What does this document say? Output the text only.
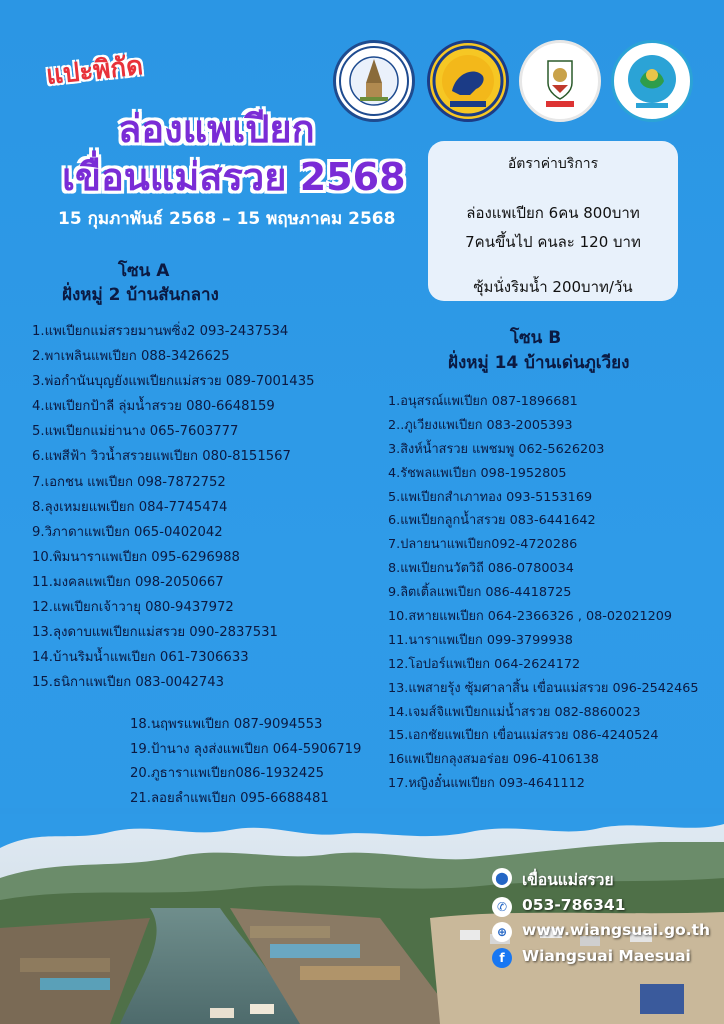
แปะพิกัด
ล่องแพเปียก
เขื่อนแม่สรวย 2568
15 กุมภาพันธ์ 2568 – 15 พฤษภาคม 2568
อัตราค่าบริการ
ล่องแพเปียก 6คน 800บาท
7คนขึ้นไป คนละ 120 บาท
ซุ้มนั่งริมน้ำ 200บาท/วัน
โซน A
ฝั่งหมู่ 2 บ้านสันกลาง
1.แพเปียกแม่สรวยมานพซิ่ง2 093-2437534
2.พาเพลินแพเปียก 088-3426625
3.พ่อกำนันบุญยังแพเปียกแม่สรวย 089-7001435
4.แพเปียกป้าลี ลุ่มน้ำสรวย 080-6648159
5.แพเปียกแม่ย่านาง 065-7603777
6.แพสีฟ้า วิวน้ำสรวยแพเปียก 080-8151567
7.เอกชน แพเปียก 098-7872752
8.ลุงเหมยแพเปียก 084-7745474
9.วิภาดาแพเปียก 065-0402042
10.พิมนาราแพเปียก 095-6296988
11.มงคลแพเปียก 098-2050667
12.แพเปียกเจ้าวายุ 080-9437972
13.ลุงดาบแพเปียกแม่สรวย 090-2837531
14.บ้านริมน้ำแพเปียก 061-7306633
15.ธนิกาแพเปียก 083-0042743
18.นฤพรแพเปียก 087-9094553
19.ป้านาง ลุงส่งแพเปียก 064-5906719
20.ภูธาราแพเปียก086-1932425
21.ลอยลำแพเปียก 095-6688481
โซน B
ฝั่งหมู่ 14 บ้านเด่นภูเวียง
1.อนุสรณ์แพเปียก 087-1896681
2..ภูเวียงแพเปียก 083-2005393
3.สิงห์น้ำสรวย แพชมพู 062-5626203
4.รัชพลแพเปียก 098-1952805
5.แพเปียกสำเภาทอง 093-5153169
6.แพเปียกลูกน้ำสรวย 083-6441642
7.ปลายนาแพเปียก092-4720286
8.แพเปียกนวัตวิถี 086-0780034
9.ลิตเติ้ลแพเปียก 086-4418725
10.สหายแพเปียก 064-2366326 , 08-02021209
11.นาราแพเปียก 099-3799938
12.โอปอร์แพเปียก 064-2624172
13.แพสายรุ้ง ซุ้มศาลาสิ้น เขื่อนแม่สรวย 096-2542465
14.เจมส์จิแพเปียกแม่น้ำสรวย 082-8860023
15.เอกชัยแพเปียก เขื่อนแม่สรวย 086-4240524
16แพเปียกลุงสมอร่อย 096-4106138
17.หญิงอั๋นแพเปียก 093-4641112
⬤ เขื่อนแม่สรวย
✆ 053-786341
⊕ www.wiangsuai.go.th
f	Wiangsuai Maesuai
